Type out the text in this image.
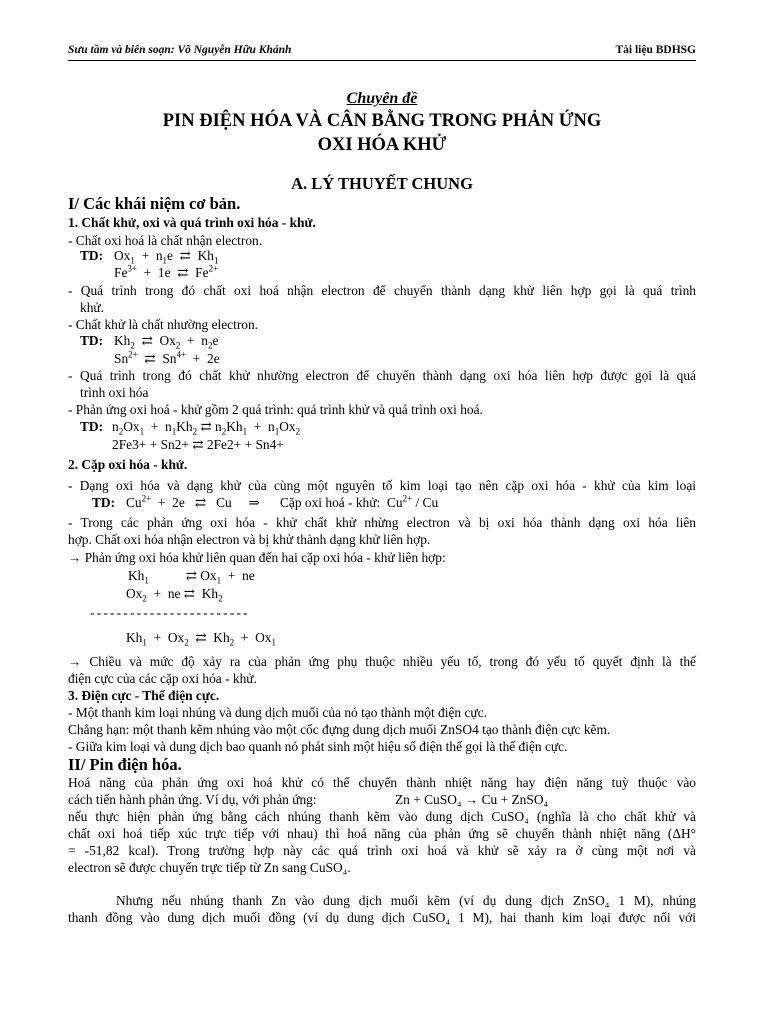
Sưu tầm và biên soạn: Võ Nguyễn Hữu Khánh	Tài liệu BDHSG
Chuyên đề
PIN ĐIỆN HÓA VÀ CÂN BẰNG TRONG PHẢN ỨNG
OXI HÓA KHỬ
A. LÝ THUYẾT CHUNG
I/ Các khái niệm cơ bản.
1. Chất khử, oxi và quá trình oxi hóa - khử.
- Chất oxi hoá là chất nhận electron.
TD: $Ox_1 + n_1e$  ⇄  $Kh_1$
$Fe^{3+} + 1e$  ⇄  $Fe^{2+}$
- Quá trình trong đó chất oxi hoá nhận electron để chuyển thành dạng khử liên hợp gọi là quá trình
khử.
- Chất khử là chất nhường electron.
TD: $Kh_2$  ⇄  $Ox_2 + n_2e$
$Sn^{2+}$  ⇄  $Sn^{4+} + 2e$
- Quá trình trong đó chất khử nhường electron để chuyển thành dạng oxi hóa liên hợp được gọi là quá
trình oxi hóa
- Phản ứng oxi hoá - khử gồm 2 quá trình: quá trình khử và quá trình oxi hoá.
TD: $n_2Ox_1 + n_1Kh_2$ ⇄ $n_2Kh_1 + n_1Ox_2$
2Fe3+ + Sn2+ ⇄ 2Fe2+ + Sn4+
2. Cặp oxi hóa - khử.
- Dạng oxi hóa và dạng khử của cùng một nguyên tố kim loại tạo nên cặp oxi hóa - khử của kim loại
TD: $Cu^{2+} + 2e$   ⇄   Cu     ⇒ Cặp oxi hoá - khử:  $Cu^{2+}$ / Cu
- Trong các phản ứng oxi hóa - khử chất khử nhừng electron và bị oxi hóa thành dạng oxi hóa liên
hợp. Chất oxi hóa nhận electron và bị khử thành dạng khử liên hợp.
→ Phản ứng oxi hóa khử liên quan đến hai cặp oxi hóa - khử liên hợp:
$Kh_1$           ⇄ $Ox_1$  +  ne
$Ox_2$  +  ne ⇄  $Kh_2$
------------------------
$Kh_1 + Ox_2$  ⇄  $Kh_2 + Ox_1$
→ Chiều và mức độ xảy ra của phản ứng phụ thuộc nhiều yếu tố, trong đó yếu tố quyết định là thế
điện cực của các cặp oxi hóa - khử.
3. Điện cực - Thế điện cực.
- Một thanh kim loại nhúng và dung dịch muối của nó tạo thành một điện cực.
Chẳng hạn: một thanh kẽm nhúng vào một cốc đựng dung dịch muối ZnSO4 tạo thành điện cực kẽm.
- Giữa kim loại và dung dịch bao quanh nó phát sinh một hiệu số điện thế gọi là thế điện cực.
II/ Pin điện hóa.
Hoá năng của phản ứng oxi hoá khử có thể chuyển thành nhiệt năng hay điện năng tuỳ thuộc vào
cách tiến hành phản ứng. Ví dụ, với phản ứng:	Zn + CuSO₄ → Cu + ZnSO₄
nếu thực hiện phản ứng bằng cách nhúng thanh kẽm vào dung dịch CuSO₄ (nghĩa là cho chất khử và
chất oxi hoá tiếp xúc trực tiếp với nhau) thì hoá năng của phản ứng sẽ chuyển thành nhiệt năng (ΔH°
= -51,82 kcal). Trong trường hợp này các quá trình oxi hoá và khử sẽ xảy ra ở cùng một nơi và
electron sẽ được chuyển trực tiếp từ Zn sang CuSO₄.
Nhưng nếu nhúng thanh Zn vào dung dịch muối kẽm (ví dụ dung dịch ZnSO₄ 1 M), nhúng
thanh đồng vào dung dịch muối đồng (ví dụ dung dịch CuSO₄ 1 M), hai thanh kim loại được nối với
